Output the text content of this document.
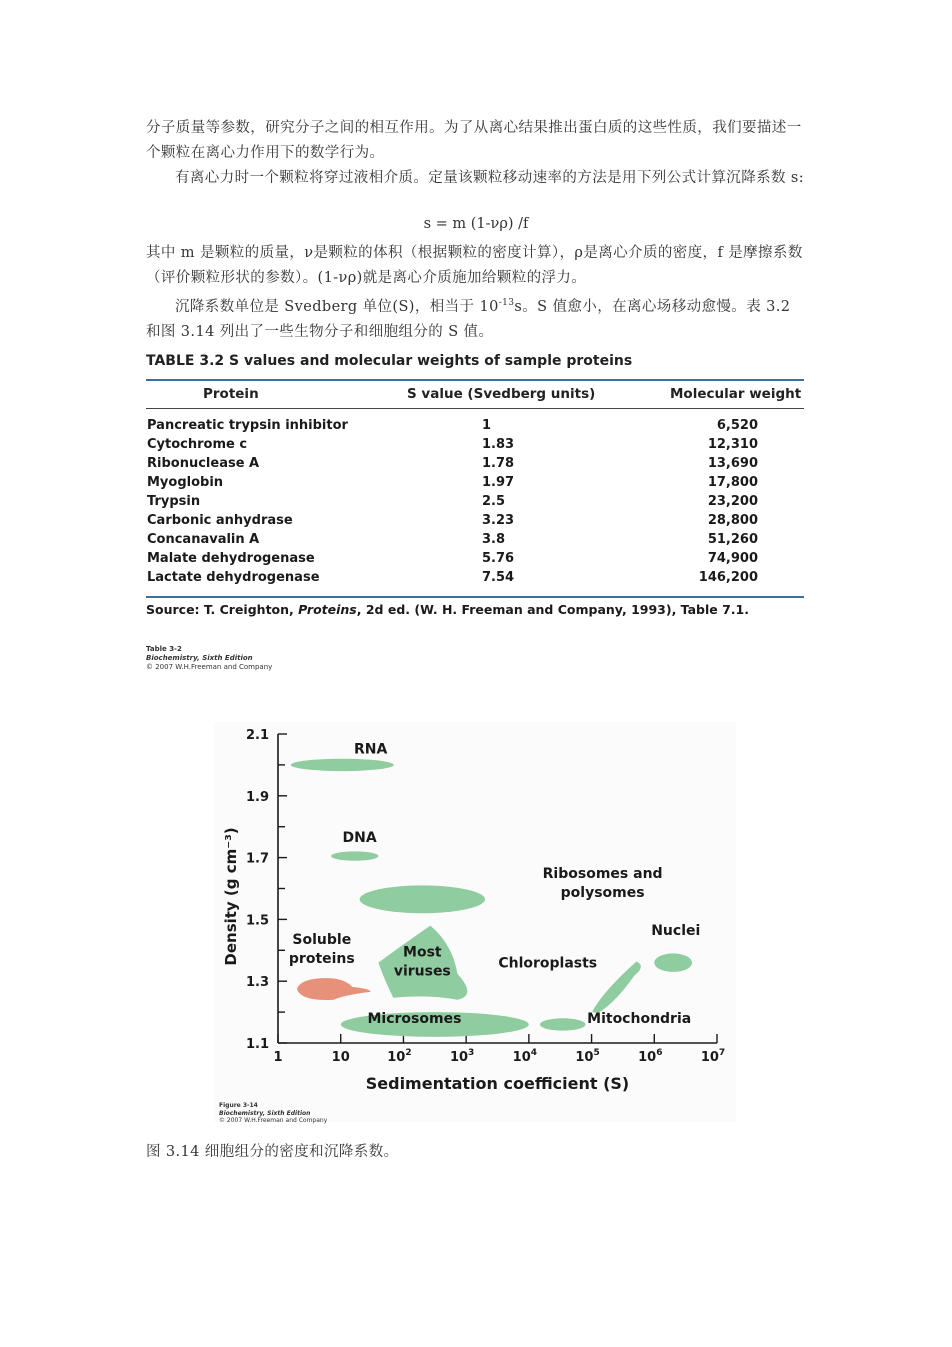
分子质量等参数，研究分子之间的相互作用。为了从离心结果推出蛋白质的这些性质，我们要描述一个颗粒在离心力作用下的数学行为。

有离心力时一个颗粒将穿过液相介质。定量该颗粒移动速率的方法是用下列公式计算沉降系数 s:

s = m (1-νρ) /f

其中 m 是颗粒的质量，ν是颗粒的体积（根据颗粒的密度计算），ρ是离心介质的密度，f 是摩擦系数（评价颗粒形状的参数）。(1-νρ)就是离心介质施加给颗粒的浮力。

沉降系数单位是 Svedberg 单位(S)，相当于 $10^{-13}s$。S 值愈小，在离心场移动愈慢。表 3.2 和图 3.14 列出了一些生物分子和细胞组分的 S 值。

TABLE 3.2 S values and molecular weights of sample proteins
Protein	S value (Svedberg units)	Molecular weight
Pancreatic trypsin inhibitor	1	6,520
Cytochrome c	1.83	12,310
Ribonuclease A	1.78	13,690
Myoglobin	1.97	17,800
Trypsin	2.5	23,200
Carbonic anhydrase	3.23	28,800
Concanavalin A	3.8	51,260
Malate dehydrogenase	5.76	74,900
Lactate dehydrogenase	7.54	146,200
Source: T. Creighton, Proteins, 2d ed. (W. H. Freeman and Company, 1993), Table 7.1.
Table 3-2
Biochemistry, Sixth Edition
© 2007 W.H.Freeman and Company
1.1
1.3
1.5
1.7
1.9
2.1
1	10	$10^2$	$10^3$	$10^4$	$10^5$	$10^6$	$10^7$
Sedimentation coefficient (S)
Density (g cm⁻³)
RNA
DNA
Ribosomes and polysomes
Soluble proteins	Most viruses
Microsomes
Chloroplasts
Mitochondria
Nuclei
Figure 3-14
Biochemistry, Sixth Edition
© 2007 W.H.Freeman and Company
图 3.14 细胞组分的密度和沉降系数。
